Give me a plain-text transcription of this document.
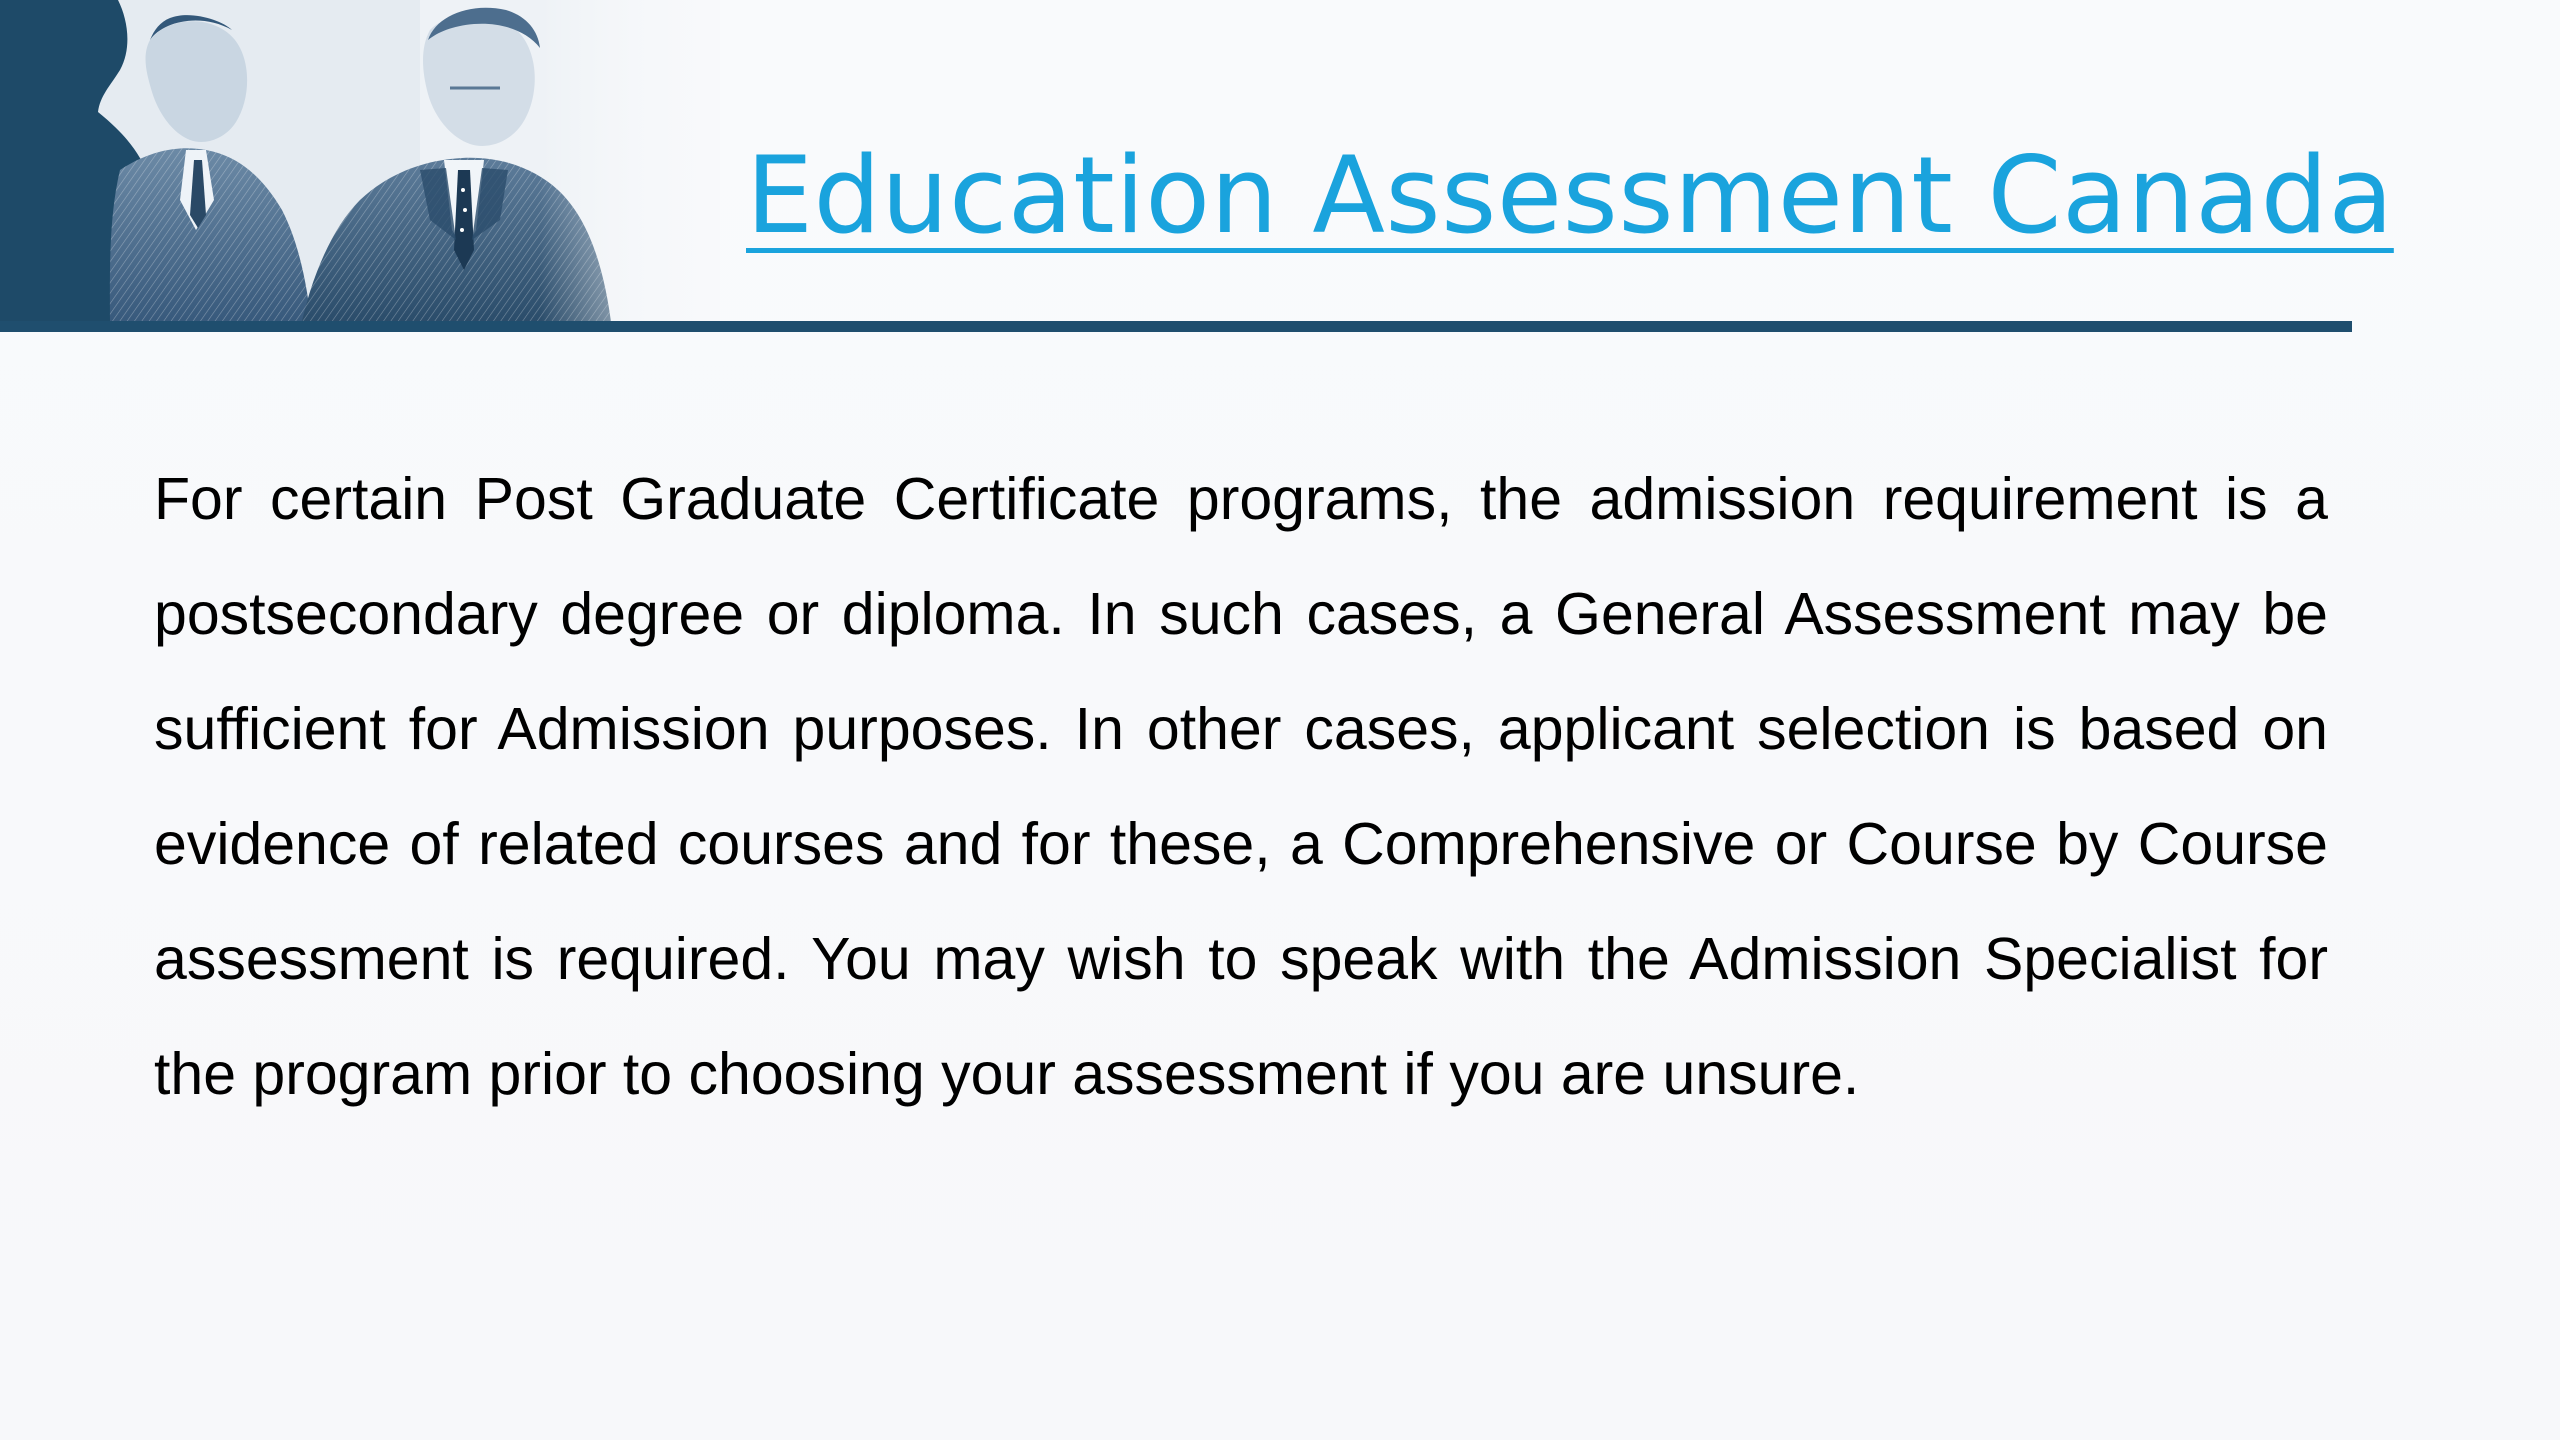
Education Assessment Canada

For certain Post Graduate Certificate programs, the admission requirement is a postsecondary degree or diploma. In such cases, a General Assessment may be sufficient for Admission purposes. In other cases, applicant selection is based on evidence of related courses and for these, a Comprehensive or Course by Course assessment is required. You may wish to speak with the Admission Specialist for the program prior to choosing your assessment if you are unsure.
